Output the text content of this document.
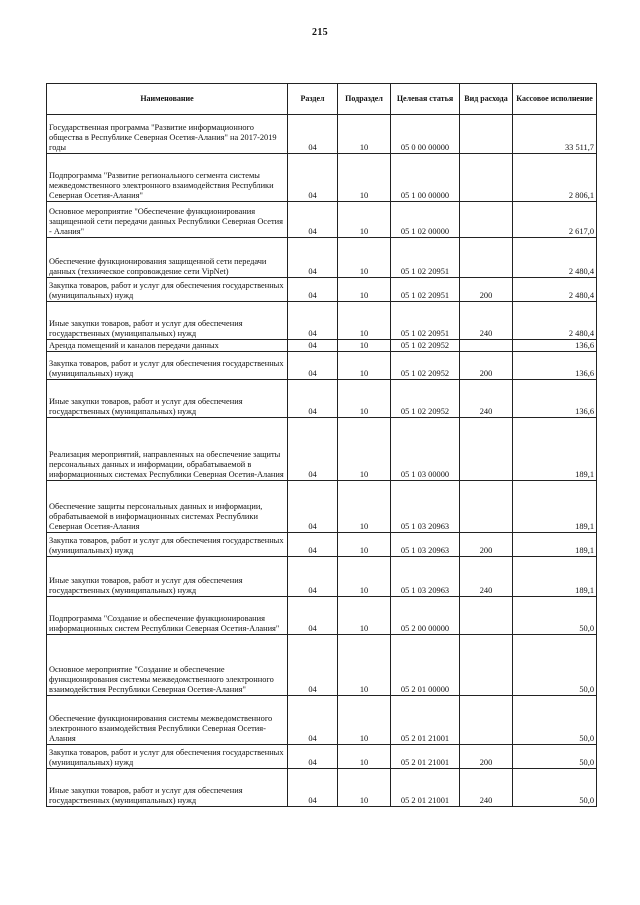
215
Наименование	Раздел	Подраздел	Целевая статья	Вид расхода	Кассовое исполнение
Государственная программа "Развитие информационного общества в Республике Северная Осетия-Алания" на 2017-2019 годы	04	10	05 0 00 00000		33 511,7
Подпрограмма "Развитие регионального сегмента системы межведомственного электронного взаимодействия Республики Северная Осетия-Алания"	04	10	05 1 00 00000		2 806,1
Основное мероприятие "Обеспечение функционирования защищенной сети передачи данных Республики Северная Осетия - Алания"	04	10	05 1 02 00000		2 617,0
Обеспечение функционирования защищенной сети передачи данных (техническое сопровождение сети VipNet)	04	10	05 1 02 20951		2 480,4
Закупка товаров, работ и услуг для обеспечения государственных (муниципальных) нужд	04	10	05 1 02 20951	200	2 480,4
Иные закупки товаров, работ и услуг для обеспечения государственных (муниципальных) нужд	04	10	05 1 02 20951	240	2 480,4
Аренда помещений и каналов передачи данных	04	10	05 1 02 20952		136,6
Закупка товаров, работ и услуг для обеспечения государственных (муниципальных) нужд	04	10	05 1 02 20952	200	136,6
Иные закупки товаров, работ и услуг для обеспечения государственных (муниципальных) нужд	04	10	05 1 02 20952	240	136,6
Реализация мероприятий, направленных на обеспечение защиты персональных данных и информации, обрабатываемой в информационных системах Республики Северная Осетия-Алания	04	10	05 1 03 00000		189,1
Обеспечение защиты персональных данных и информации, обрабатываемой в информационных системах Республики Северная Осетия-Алания	04	10	05 1 03 20963		189,1
Закупка товаров, работ и услуг для обеспечения государственных (муниципальных) нужд	04	10	05 1 03 20963	200	189,1
Иные закупки товаров, работ и услуг для обеспечения государственных (муниципальных) нужд	04	10	05 1 03 20963	240	189,1
Подпрограмма "Создание и обеспечение функционирования информационных систем Республики Северная Осетия-Алания"	04	10	05 2 00 00000		50,0
Основное мероприятие "Создание и обеспечение функционирования системы межведомственного электронного взаимодействия Республики Северная Осетия-Алания"	04	10	05 2 01 00000		50,0
Обеспечение функционирования системы межведомственного электронного взаимодействия Республики Северная Осетия-Алания	04	10	05 2 01 21001		50,0
Закупка товаров, работ и услуг для обеспечения государственных (муниципальных) нужд	04	10	05 2 01 21001	200	50,0
Иные закупки товаров, работ и услуг для обеспечения государственных (муниципальных) нужд	04	10	05 2 01 21001	240	50,0
